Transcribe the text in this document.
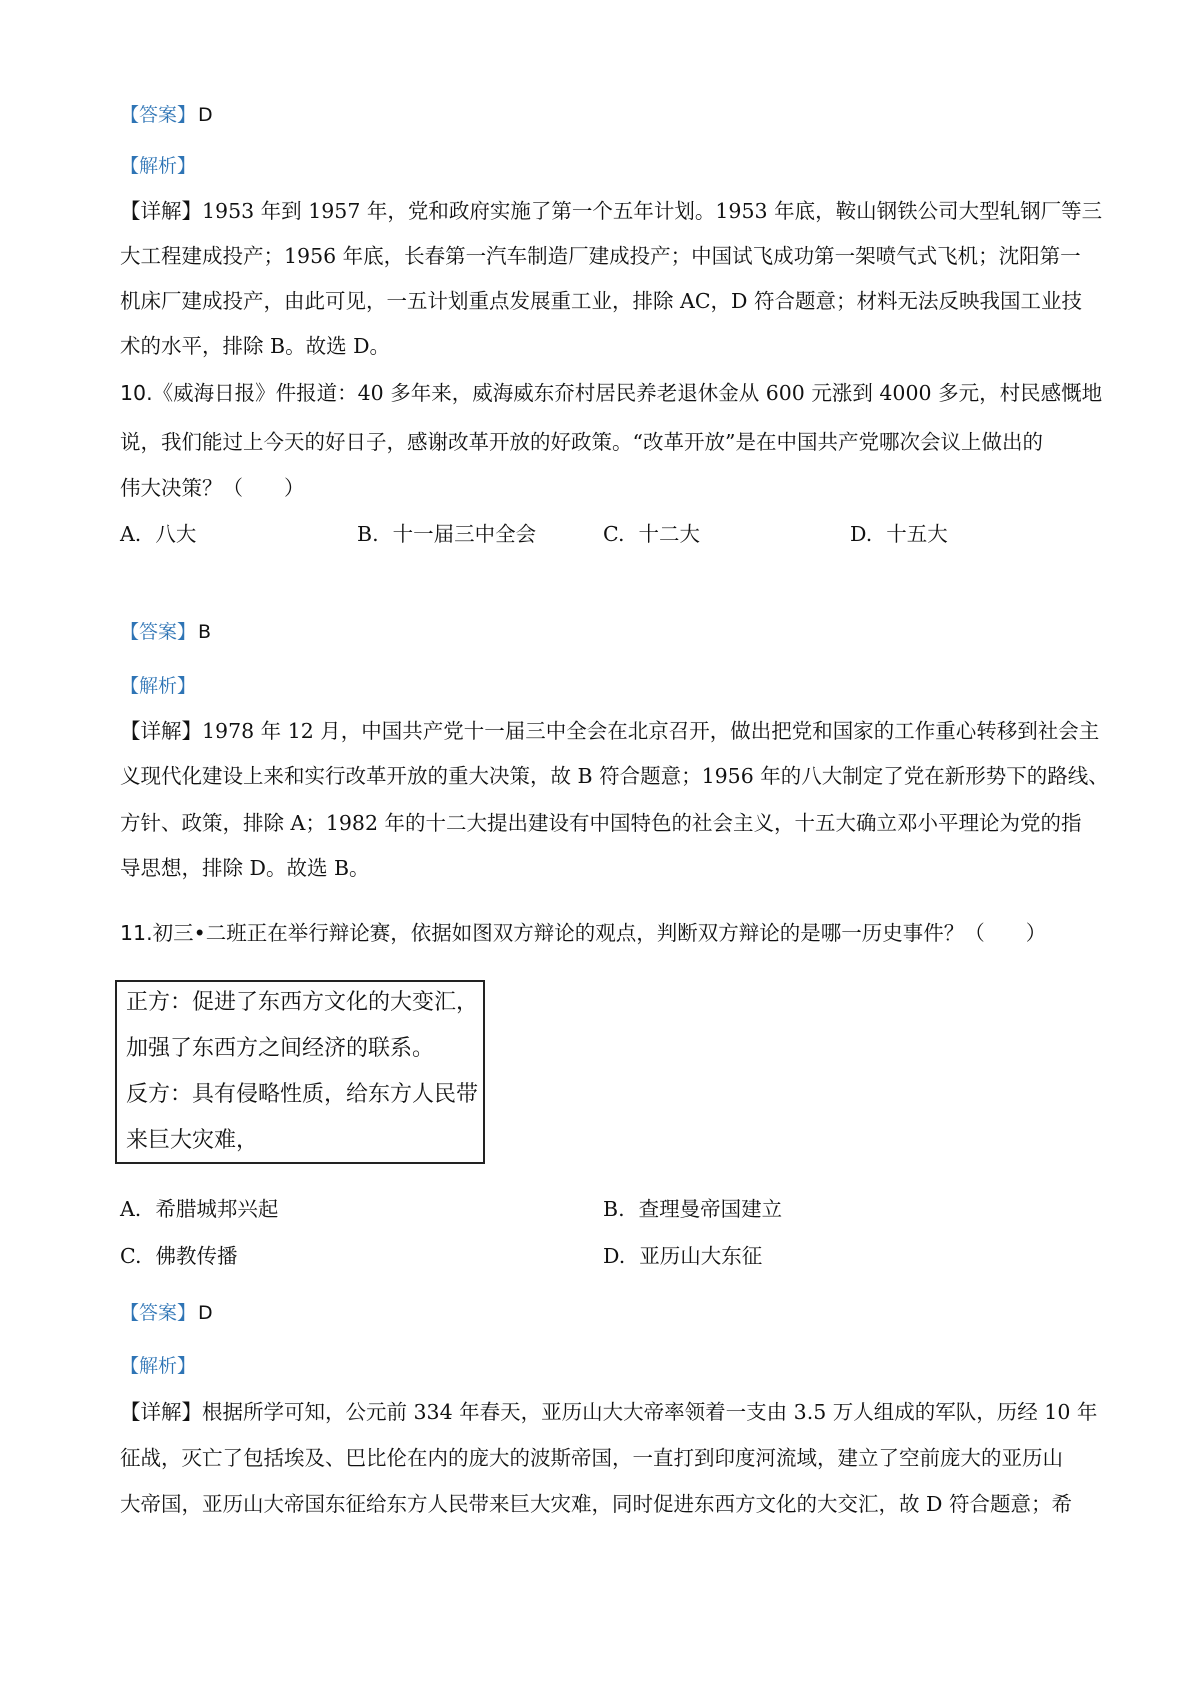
【答案】 D
【解析】
【详解】1953 年到 1957 年，党和政府实施了第一个五年计划。1953 年底，鞍山钢铁公司大型轧钢厂等三
大工程建成投产；1956 年底，长春第一汽车制造厂建成投产；中国试飞成功第一架喷气式飞机；沈阳第一
机床厂建成投产，由此可见，一五计划重点发展重工业，排除 AC，D 符合题意；材料无法反映我国工业技
术的水平，排除 B。故选 D。
10.《威海日报》件报道：40 多年来，威海威东夼村居民养老退休金从 600 元涨到 4000 多元，村民感慨地
说，我们能过上今天的好日子，感谢改革开放的好政策。“改革开放”是在中国共产党哪次会议上做出的
伟大决策？（　　）
A. 八大	B. 十一届三中全会	C. 十二大	D. 十五大
【答案】 B
【解析】
【详解】1978 年 12 月，中国共产党十一届三中全会在北京召开，做出把党和国家的工作重心转移到社会主
义现代化建设上来和实行改革开放的重大决策，故 B 符合题意；1956 年的八大制定了党在新形势下的路线、
方针、政策，排除 A；1982 年的十二大提出建设有中国特色的社会主义，十五大确立邓小平理论为党的指
导思想，排除 D。故选 B。
11.初三•二班正在举行辩论赛，依据如图双方辩论的观点，判断双方辩论的是哪一历史事件？（　　）
正方：促进了东西方文化的大变汇，
加强了东西方之间经济的联系。
反方：具有侵略性质，给东方人民带
来巨大灾难，
A. 希腊城邦兴起	B. 查理曼帝国建立
C. 佛教传播	D. 亚历山大东征
【答案】 D
【解析】
【详解】根据所学可知，公元前 334 年春天，亚历山大大帝率领着一支由 3.5 万人组成的军队，历经 10 年
征战，灭亡了包括埃及、巴比伦在内的庞大的波斯帝国，一直打到印度河流域，建立了空前庞大的亚历山
大帝国，亚历山大帝国东征给东方人民带来巨大灾难，同时促进东西方文化的大交汇，故 D 符合题意；希
